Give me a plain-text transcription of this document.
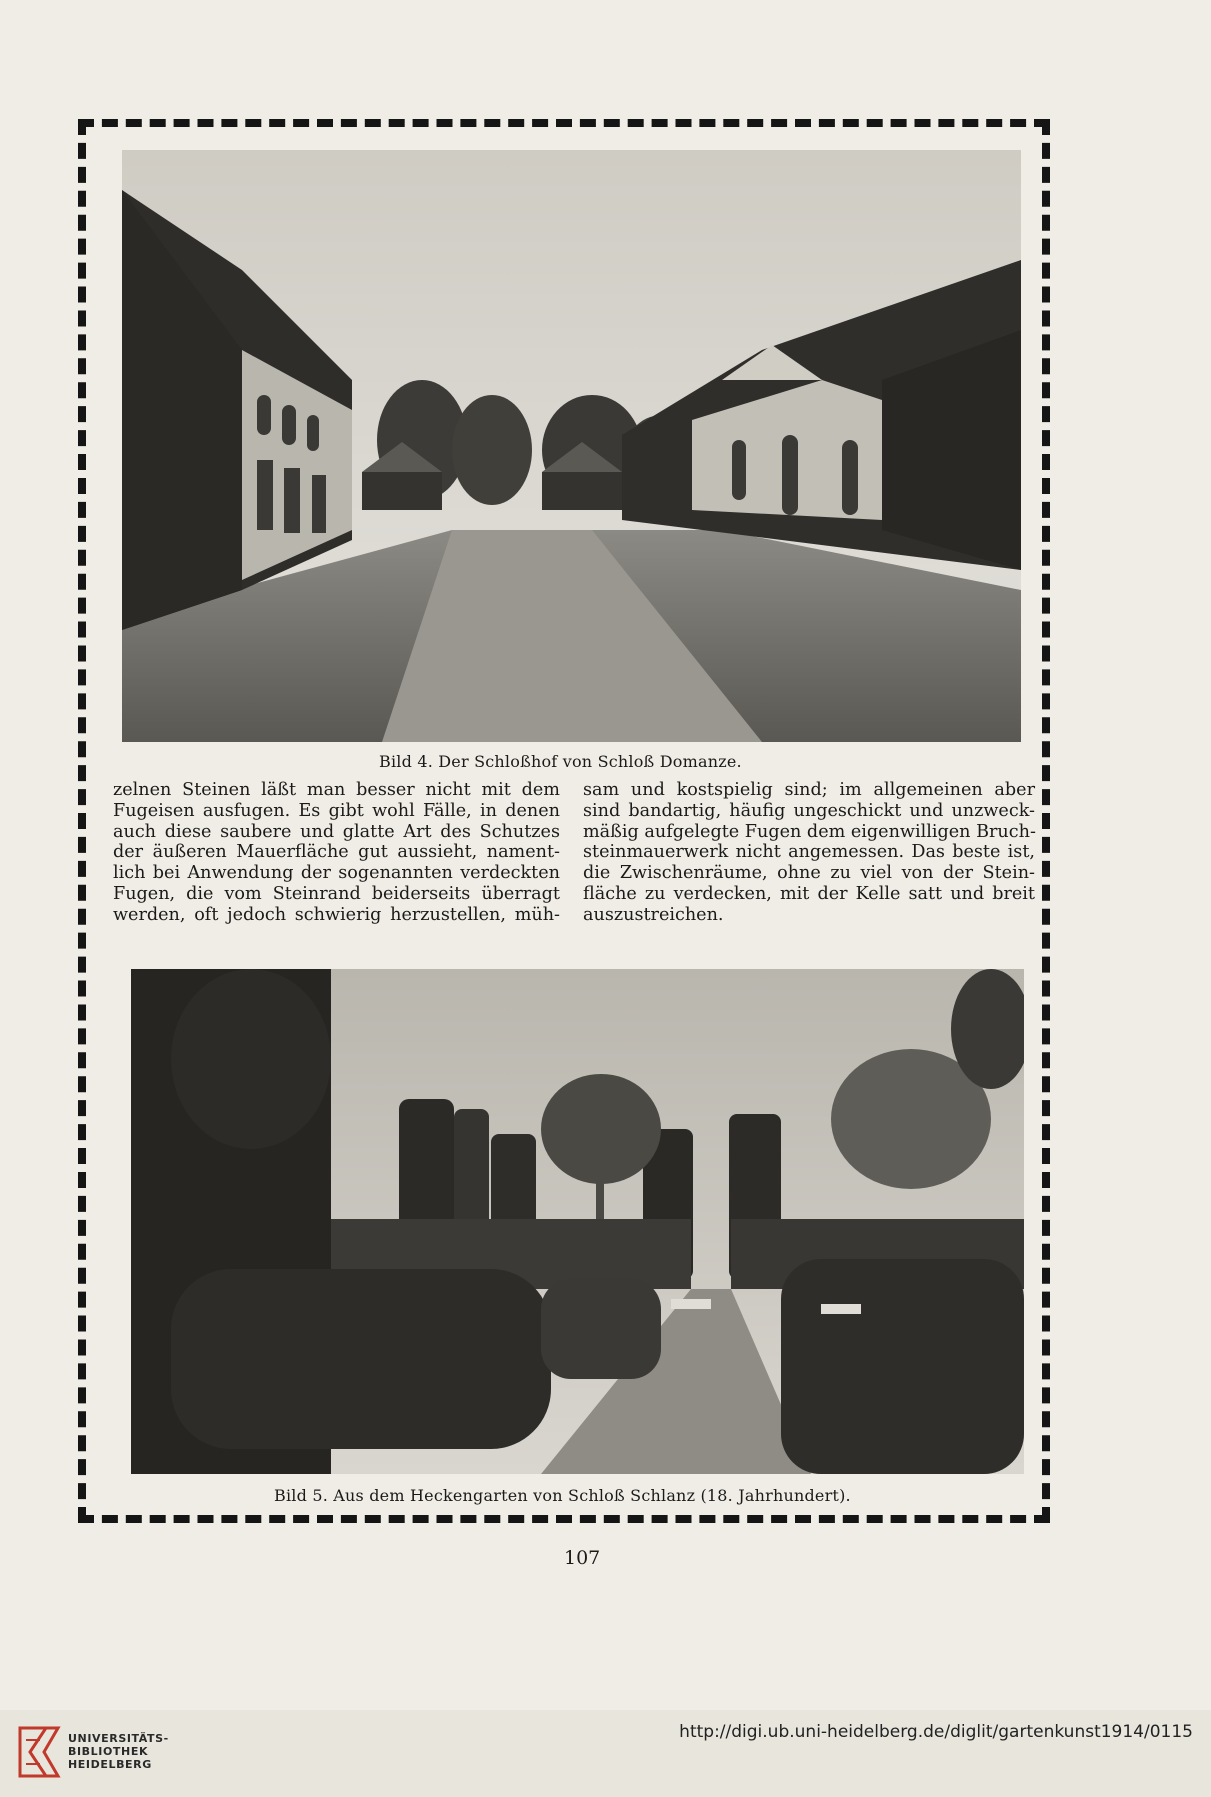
Bild 4. Der Schloßhof von Schloß Domanze.
zelnen Steinen läßt man besser nicht mit dem
Fugeisen ausfugen. Es gibt wohl Fälle, in denen
auch diese saubere und glatte Art des Schutzes
der äußeren Mauerfläche gut aussieht, nament-
lich bei Anwendung der sogenannten verdeckten
Fugen, die vom Steinrand beiderseits überragt
werden, oft jedoch schwierig herzustellen, müh-
sam und kostspielig sind; im allgemeinen aber
sind bandartig, häufig ungeschickt und unzweck-
mäßig aufgelegte Fugen dem eigenwilligen Bruch-
steinmauerwerk nicht angemessen. Das beste ist,
die Zwischenräume, ohne zu viel von der Stein-
fläche zu verdecken, mit der Kelle satt und breit
auszustreichen.
Bild 5. Aus dem Heckengarten von Schloß Schlanz (18. Jahrhundert).
107
UNIVERSITÄTS-
BIBLIOTHEK
HEIDELBERG
http://digi.ub.uni-heidelberg.de/diglit/gartenkunst1914/0115
